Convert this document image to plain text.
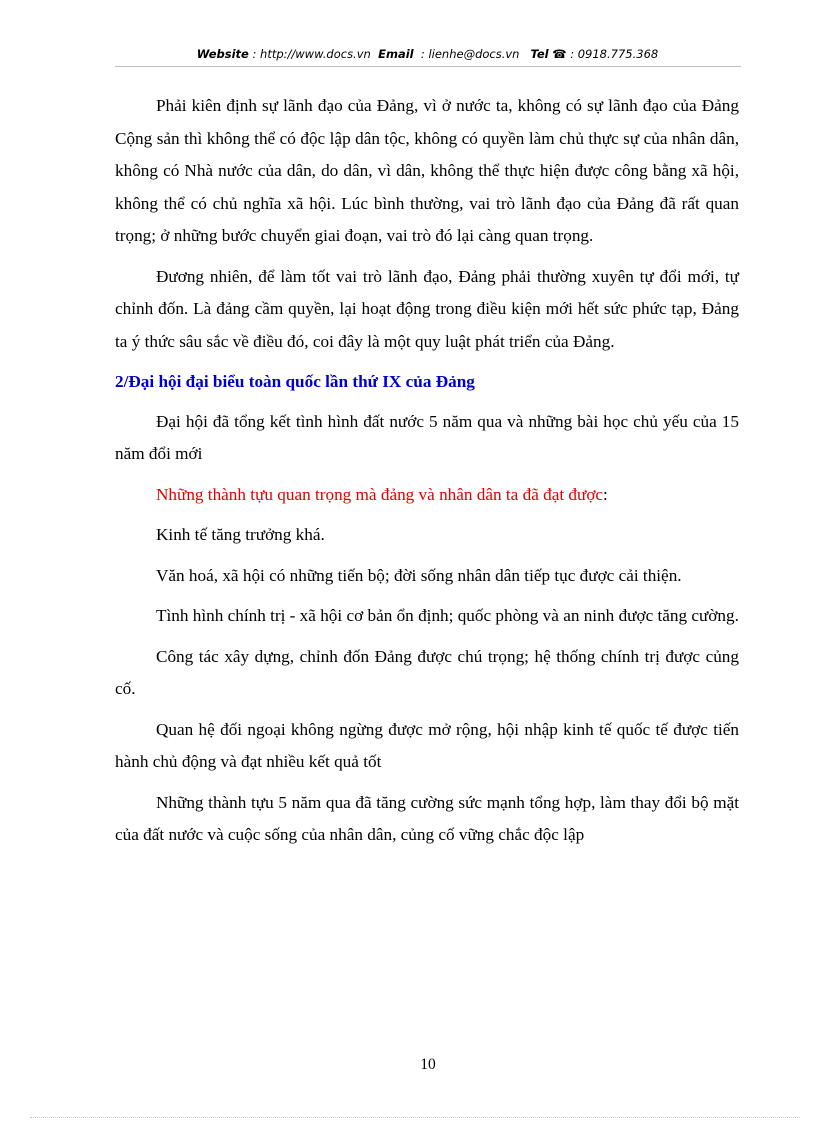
Website : http://www.docs.vn Email : lienhe@docs.vn Tel ☎ : 0918.775.368

Phải kiên định sự lãnh đạo của Đảng, vì ở nước ta, không có sự lãnh đạo của Đảng Cộng sản thì không thể có độc lập dân tộc, không có quyền làm chủ thực sự của nhân dân, không có Nhà nước của dân, do dân, vì dân, không thể thực hiện được công bằng xã hội, không thể có chủ nghĩa xã hội. Lúc bình thường, vai trò lãnh đạo của Đảng đã rất quan trọng; ở những bước chuyển giai đoạn, vai trò đó lại càng quan trọng.

Đương nhiên, để làm tốt vai trò lãnh đạo, Đảng phải thường xuyên tự đổi mới, tự chỉnh đốn. Là đảng cầm quyền, lại hoạt động trong điều kiện mới hết sức phức tạp, Đảng ta ý thức sâu sắc về điều đó, coi đây là một quy luật phát triển của Đảng.

2/Đại hội đại biểu toàn quốc lần thứ IX của Đảng

Đại hội đã tổng kết tình hình đất nước 5 năm qua và những bài học chủ yếu của 15 năm đổi mới

Những thành tựu quan trọng mà đảng và nhân dân ta đã đạt được:

Kinh tế tăng trưởng khá.

Văn hoá, xã hội có những tiến bộ; đời sống nhân dân tiếp tục được cải thiện.

Tình hình chính trị - xã hội cơ bản ổn định; quốc phòng và an ninh được tăng cường.

Công tác xây dựng, chỉnh đốn Đảng được chú trọng; hệ thống chính trị được củng cố.

Quan hệ đối ngoại không ngừng được mở rộng, hội nhập kinh tế quốc tế được tiến hành chủ động và đạt nhiều kết quả tốt

Những thành tựu 5 năm qua đã tăng cường sức mạnh tổng hợp, làm thay đổi bộ mặt của đất nước và cuộc sống của nhân dân, củng cố vững chắc độc lập

10
